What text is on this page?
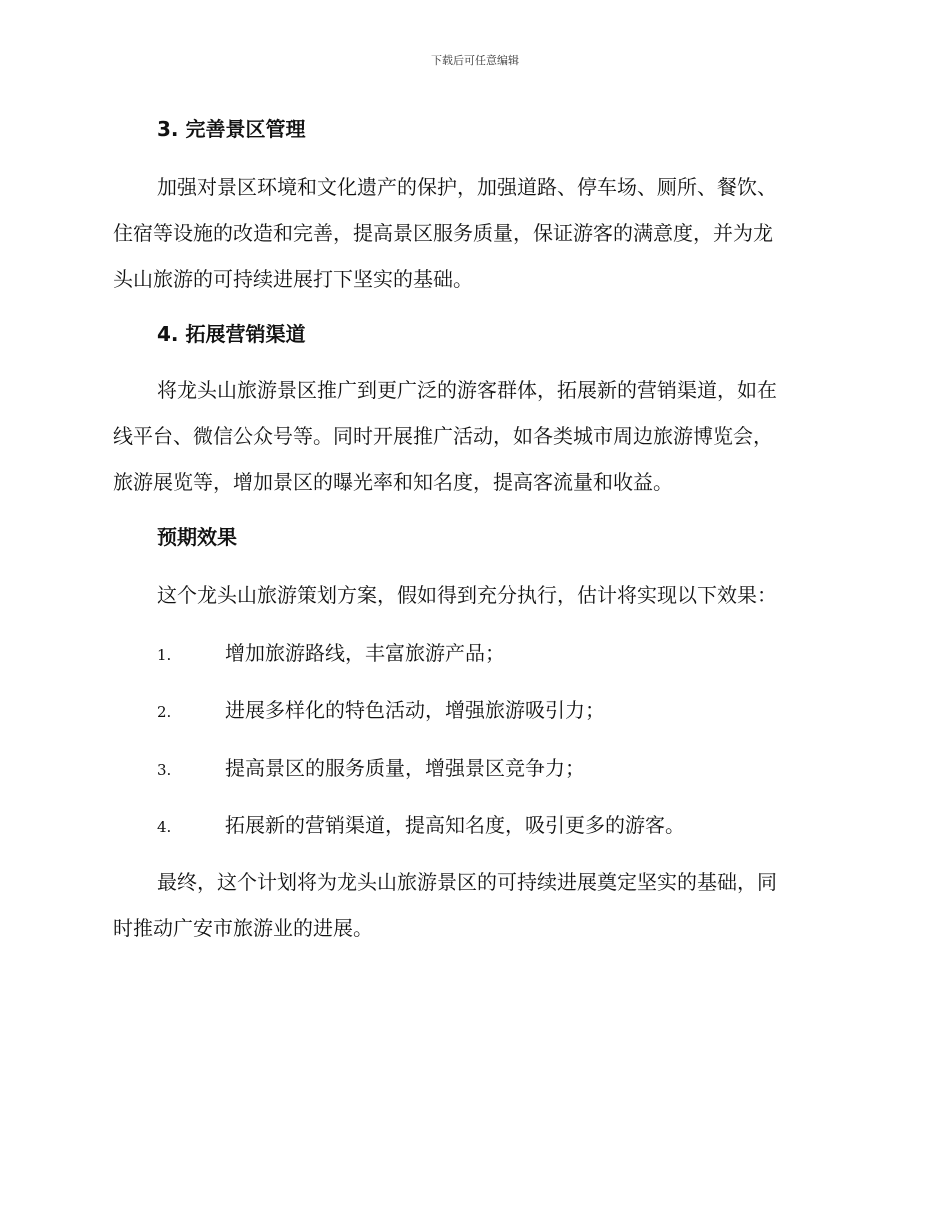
下载后可任意编辑
3. 完善景区管理
加强对景区环境和文化遗产的保护，加强道路、停车场、厕所、餐饮、
住宿等设施的改造和完善，提高景区服务质量，保证游客的满意度，并为龙
头山旅游的可持续进展打下坚实的基础。
4. 拓展营销渠道
将龙头山旅游景区推广到更广泛的游客群体，拓展新的营销渠道，如在
线平台、微信公众号等。同时开展推广活动，如各类城市周边旅游博览会，
旅游展览等，增加景区的曝光率和知名度，提高客流量和收益。
预期效果
这个龙头山旅游策划方案，假如得到充分执行，估计将实现以下效果：
1.	增加旅游路线，丰富旅游产品；
2.	进展多样化的特色活动，增强旅游吸引力；
3.	提高景区的服务质量，增强景区竞争力；
4.	拓展新的营销渠道，提高知名度，吸引更多的游客。
最终，这个计划将为龙头山旅游景区的可持续进展奠定坚实的基础，同
时推动广安市旅游业的进展。
